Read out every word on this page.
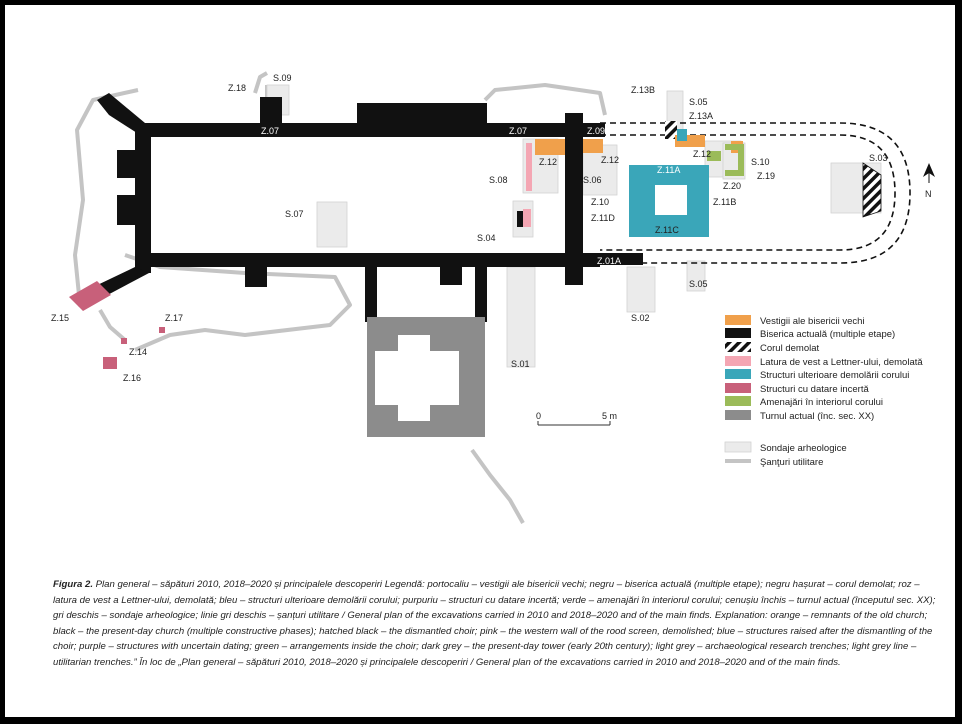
N
0	5 m
Z.18
S.09
Z.13B
S.05
Z.13A
Z.07	Z.07	Z.09
Z.12	Z.12
Z.12
S.08	S.06
Z.11A
S.10
Z.19
Z.20
S.03
Z.10
Z.11D
Z.11B
Z.11C
S.07
S.04
Z.01A
S.05
S.02
S.01
Z.15	Z.17
Z.14
Z.16
Vestigii ale bisericii vechi
Biserica actuală (multiple etape)
Corul demolat
Latura de vest a Lettner-ului, demolată
Structuri ulterioare demolării corului
Structuri cu datare incertă
Amenajări în interiorul corului
Turnul actual (înc. sec. XX)
Sondaje arheologice
Şanţuri utilitare
Figura 2. Plan general – săpături 2010, 2018–2020 și principalele descoperiri Legendă: portocaliu – vestigii ale bisericii vechi; negru – biserica actuală (multiple etape); negru hașurat – corul demolat; roz – latura de vest a Lettner-ului, demolată; bleu – structuri ulterioare demolării corului; purpuriu – structuri cu datare incertă; verde – amenajări în interiorul corului; cenușiu închis – turnul actual (începutul sec. XX); gri deschis – sondaje arheologice; linie gri deschis – șanțuri utilitare / General plan of the excavations carried in 2010 and 2018–2020 and of the main finds. Explanation: orange – remnants of the old church; black – the present-day church (multiple constructive phases); hatched black – the dismantled choir; pink – the western wall of the rood screen, demolished; blue – structures raised after the dismantling of the choir; purple – structures with uncertain dating; green – arrangements inside the choir; dark grey – the present-day tower (early 20th century); light grey – archaeological research trenches; light grey line – utilitarian trenches.” În loc de „Plan general – săpături 2010, 2018–2020 și principalele descoperiri / General plan of the excavations carried in 2010 and 2018–2020 and of the main finds.
